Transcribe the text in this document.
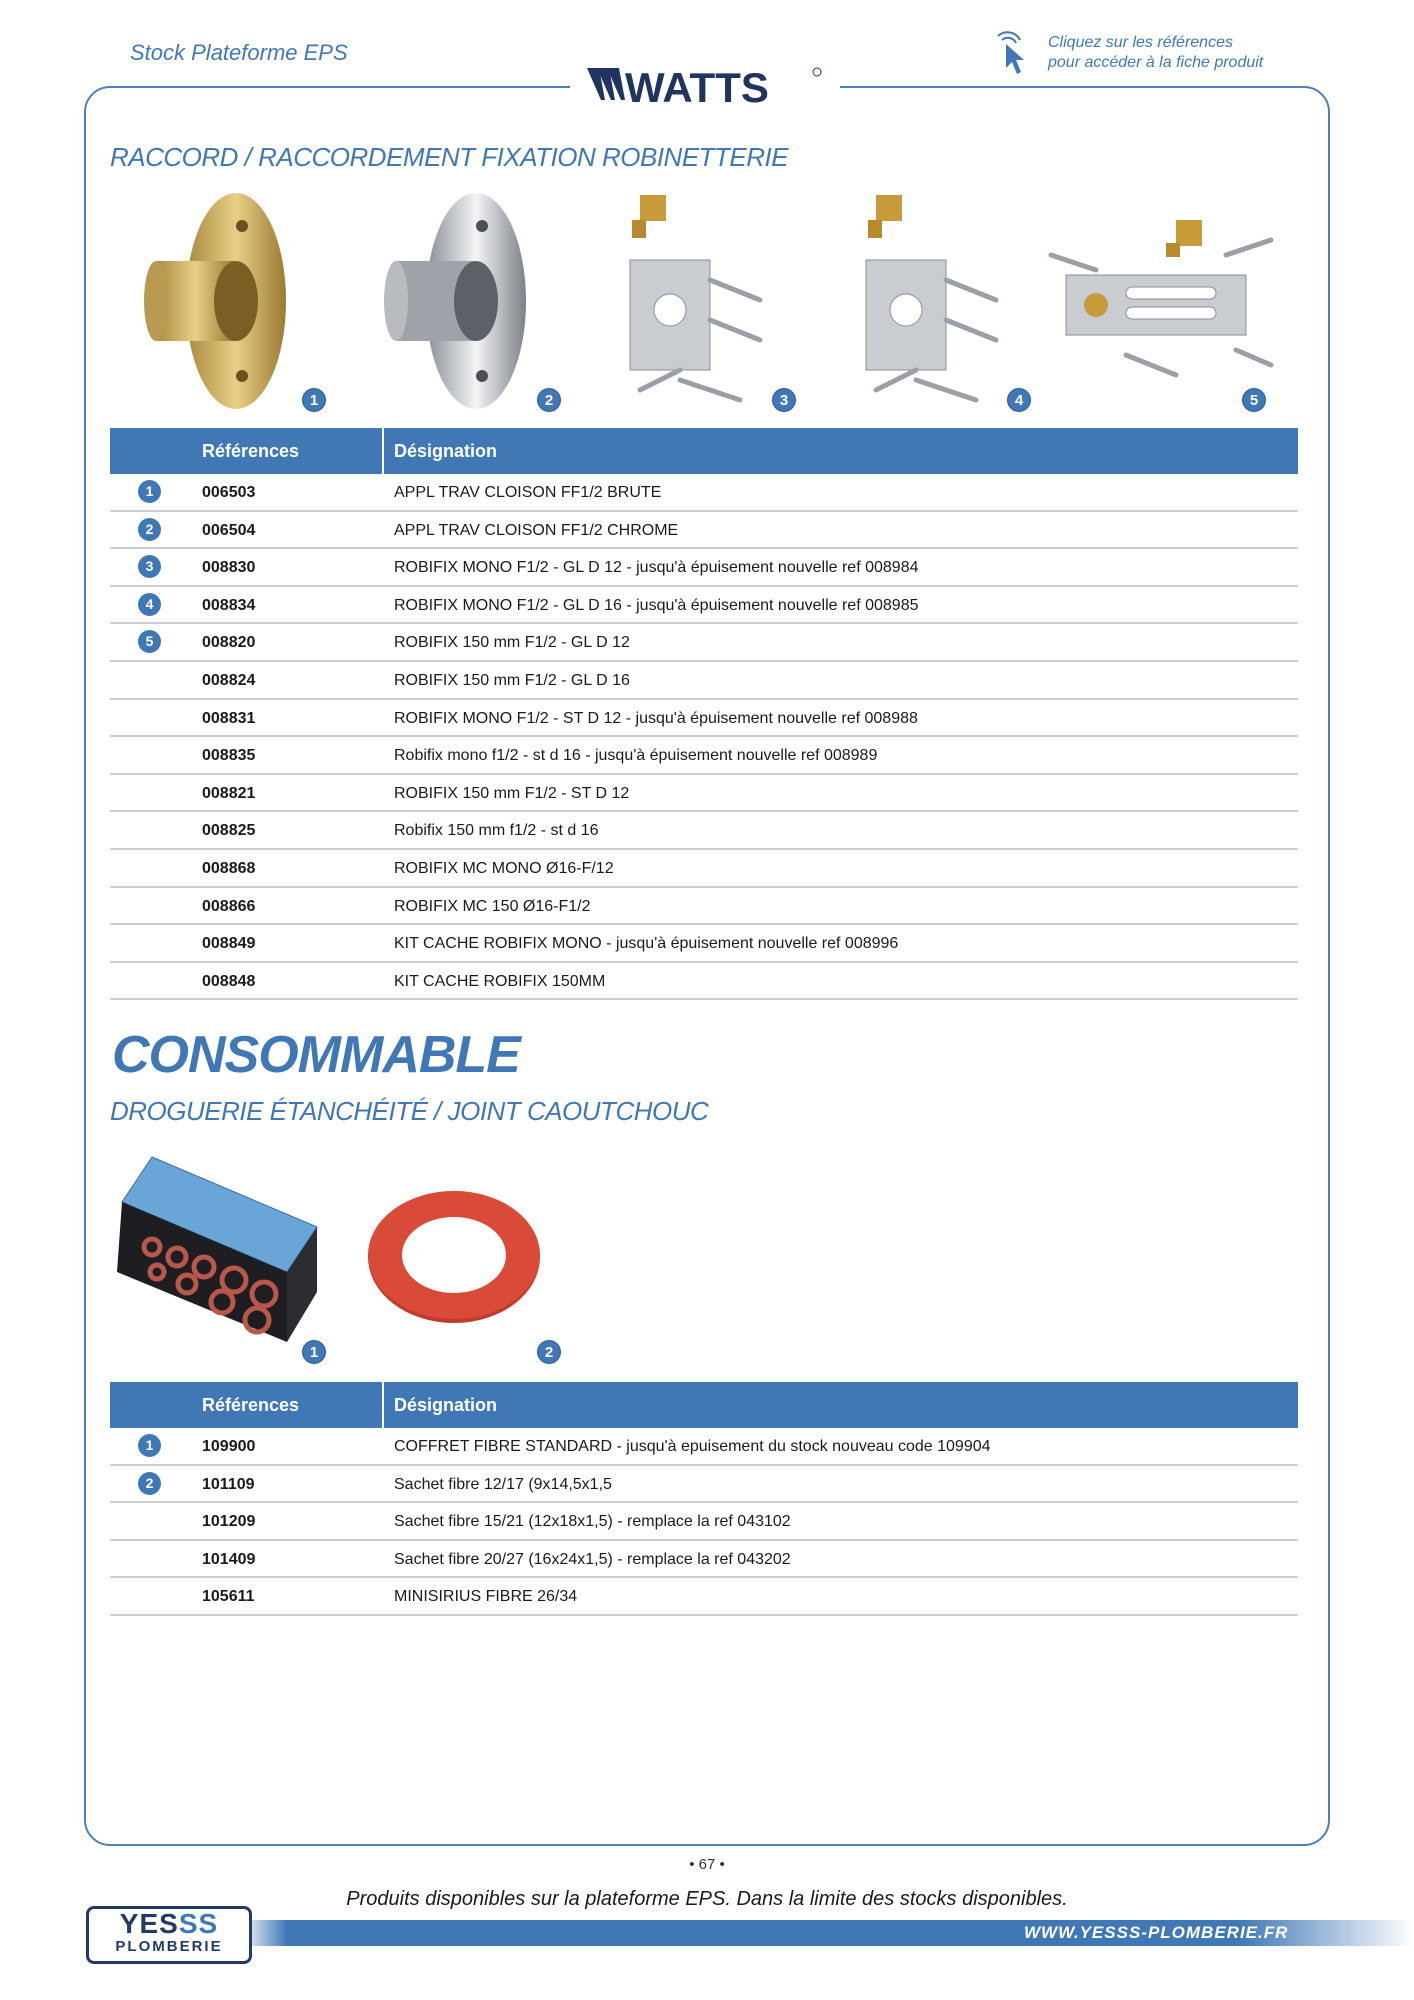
Stock Plateforme EPS
WATTS
Cliquez sur les références
pour accéder à la fiche produit
RACCORD / RACCORDEMENT FIXATION ROBINETTERIE
1	2	3	4	5
Références	Désignation
1	006503	APPL TRAV CLOISON FF1/2 BRUTE
2	006504	APPL TRAV CLOISON FF1/2 CHROME
3	008830	ROBIFIX MONO F1/2 - GL D 12 - jusqu'à épuisement nouvelle ref 008984
4	008834	ROBIFIX MONO F1/2 - GL D 16 - jusqu'à épuisement nouvelle ref 008985
5	008820	ROBIFIX 150 mm F1/2 - GL D 12
008824	ROBIFIX 150 mm F1/2 - GL D 16
008831	ROBIFIX MONO F1/2 - ST D 12 - jusqu'à épuisement nouvelle ref 008988
008835	Robifix mono f1/2 - st d 16 - jusqu'à épuisement nouvelle ref 008989
008821	ROBIFIX 150 mm F1/2 - ST D 12
008825	Robifix 150 mm f1/2 - st d 16
008868	ROBIFIX MC MONO Ø16-F/12
008866	ROBIFIX MC 150 Ø16-F1/2
008849	KIT CACHE ROBIFIX MONO - jusqu'à épuisement nouvelle ref 008996
008848	KIT CACHE ROBIFIX 150MM
CONSOMMABLE
DROGUERIE ÉTANCHÉITÉ / JOINT CAOUTCHOUC
1	2
Références	Désignation
1	109900	COFFRET FIBRE STANDARD - jusqu'à epuisement du stock nouveau code 109904
2	101109	Sachet fibre 12/17 (9x14,5x1,5
101209	Sachet fibre 15/21 (12x18x1,5) - remplace la ref 043102
101409	Sachet fibre 20/27 (16x24x1,5) - remplace la ref 043202
105611	MINISIRIUS FIBRE 26/34
• 67 •
Produits disponibles sur la plateforme EPS. Dans la limite des stocks disponibles.
WWW.YESSS-PLOMBERIE.FR
YESSS
PLOMBERIE
